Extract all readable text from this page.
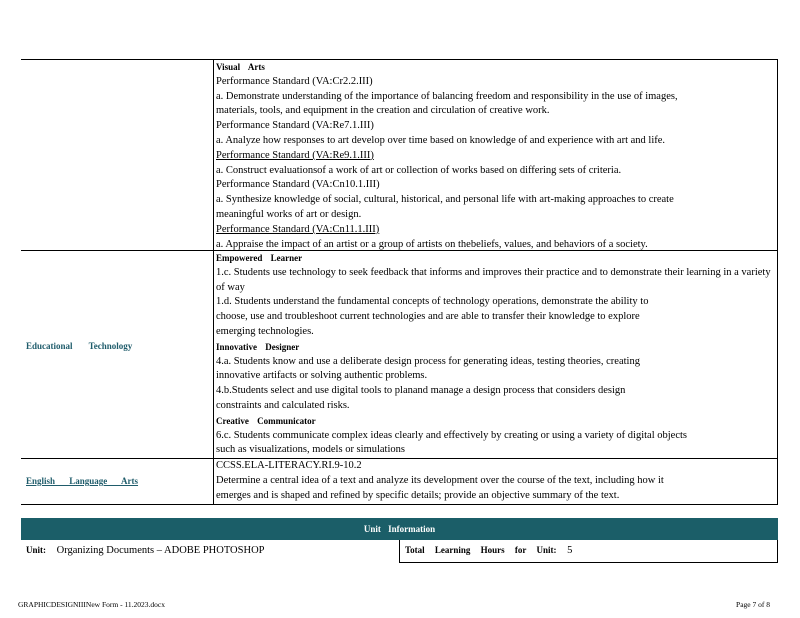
Visual Arts
Performance Standard (VA:Cr2.2.III)
a. Demonstrate understanding of the importance of balancing freedom and responsibility in the use of images,
materials, tools, and equipment in the creation and circulation of creative work.
Performance Standard (VA:Re7.1.III)
a. Analyze how responses to art develop over time based on knowledge of and experience with art and life.
Performance Standard (VA:Re9.1.III)
a. Construct evaluationsof a work of art or collection of works based on differing sets of criteria.
Performance Standard (VA:Cn10.1.III)
a. Synthesize knowledge of social, cultural, historical, and personal life with art-making approaches to create
meaningful works of art or design.
Performance Standard (VA:Cn11.1.III)
a. Appraise the impact of an artist or a group of artists on thebeliefs, values, and behaviors of a society.
Educational Technology
Empowered Learner
1.c. Students use technology to seek feedback that informs and improves their practice and to demonstrate their learning in a variety of way
1.d. Students understand the fundamental concepts of technology operations, demonstrate the ability to
choose, use and troubleshoot current technologies and are able to transfer their knowledge to explore
emerging technologies.
Innovative Designer
4.a. Students know and use a deliberate design process for generating ideas, testing theories, creating
innovative artifacts or solving authentic problems.
4.b.Students select and use digital tools to planand manage a design process that considers design
constraints and calculated risks.
Creative Communicator
6.c. Students communicate complex ideas clearly and effectively by creating or using a variety of digital objects
such as visualizations, models or simulations
English Language Arts
CCSS.ELA-LITERACY.RI.9-10.2
Determine a central idea of a text and analyze its development over the course of the text, including how it
emerges and is shaped and refined by specific details; provide an objective summary of the text.
Unit Information
Unit: Organizing Documents – ADOBE PHOTOSHOP	Total Learning Hours for Unit: 5
GRAPHICDESIGNIIINew Form - 11.2023.docx	Page 7 of 8
